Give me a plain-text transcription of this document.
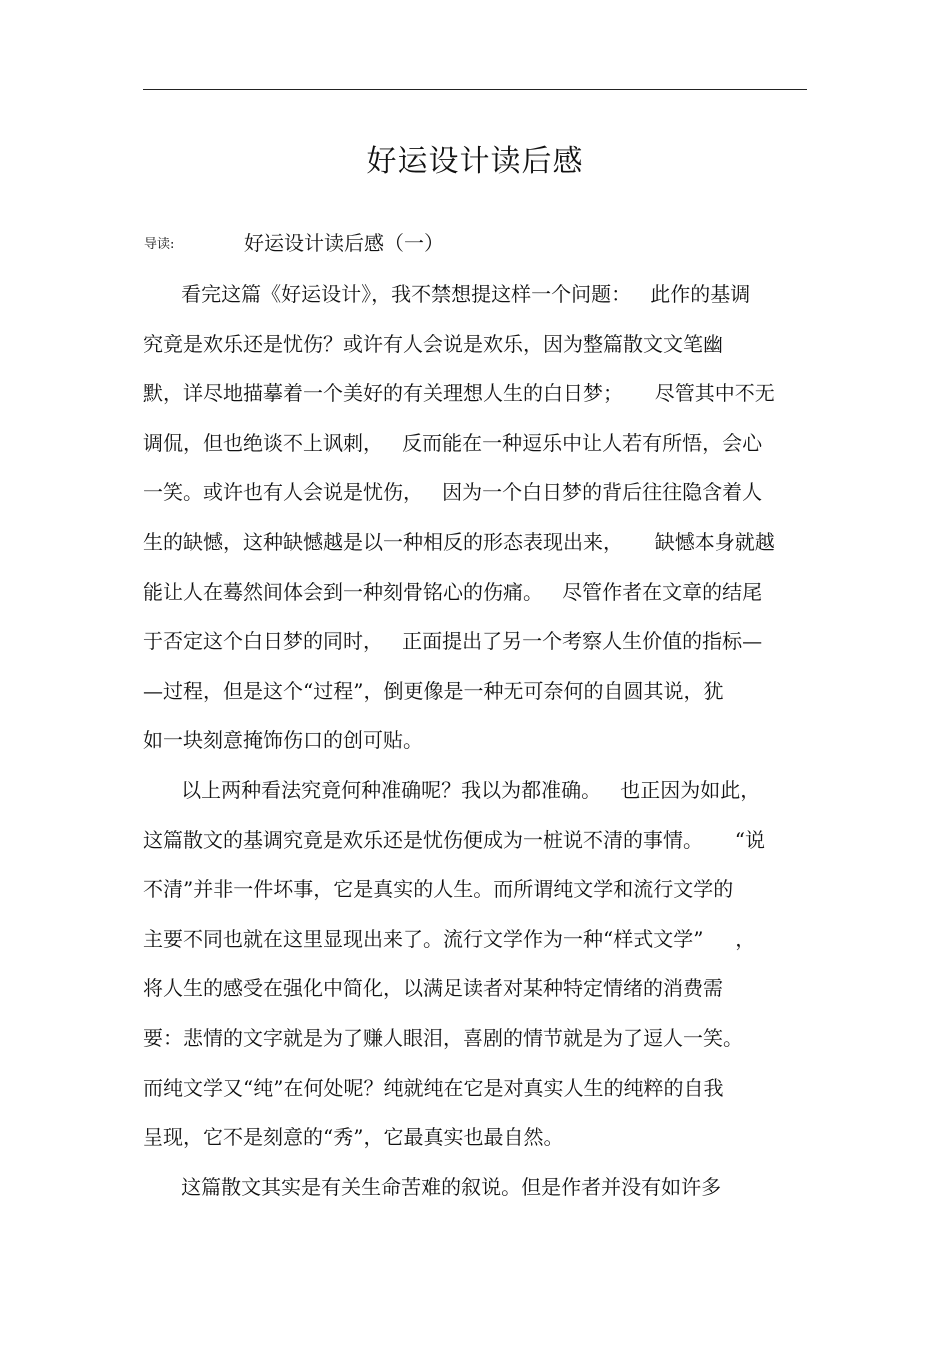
好运设计读后感
导读:	好运设计读后感（一）
看完这篇《好运设计》，我不禁想提这样一个问题：   此作的基调
究竟是欢乐还是忧伤？或许有人会说是欢乐，因为整篇散文文笔幽
默，详尽地描摹着一个美好的有关理想人生的白日梦；     尽管其中不无
调侃，但也绝谈不上讽刺，   反而能在一种逗乐中让人若有所悟，会心
一笑。或许也有人会说是忧伤，   因为一个白日梦的背后往往隐含着人
生的缺憾，这种缺憾越是以一种相反的形态表现出来，     缺憾本身就越
能让人在蓦然间体会到一种刻骨铭心的伤痛。   尽管作者在文章的结尾
于否定这个白日梦的同时，   正面提出了另一个考察人生价值的指标—
—过程，但是这个“过程”，倒更像是一种无可奈何的自圆其说，犹
如一块刻意掩饰伤口的创可贴。
以上两种看法究竟何种准确呢？我以为都准确。   也正因为如此，
这篇散文的基调究竟是欢乐还是忧伤便成为一桩说不清的事情。     “说
不清”并非一件坏事，它是真实的人生。而所谓纯文学和流行文学的
主要不同也就在这里显现出来了。流行文学作为一种“样式文学”     ，
将人生的感受在强化中简化，以满足读者对某种特定情绪的消费需
要：悲情的文字就是为了赚人眼泪，喜剧的情节就是为了逗人一笑。
而纯文学又“纯”在何处呢？纯就纯在它是对真实人生的纯粹的自我
呈现，它不是刻意的“秀”，它最真实也最自然。
这篇散文其实是有关生命苦难的叙说。但是作者并没有如许多
